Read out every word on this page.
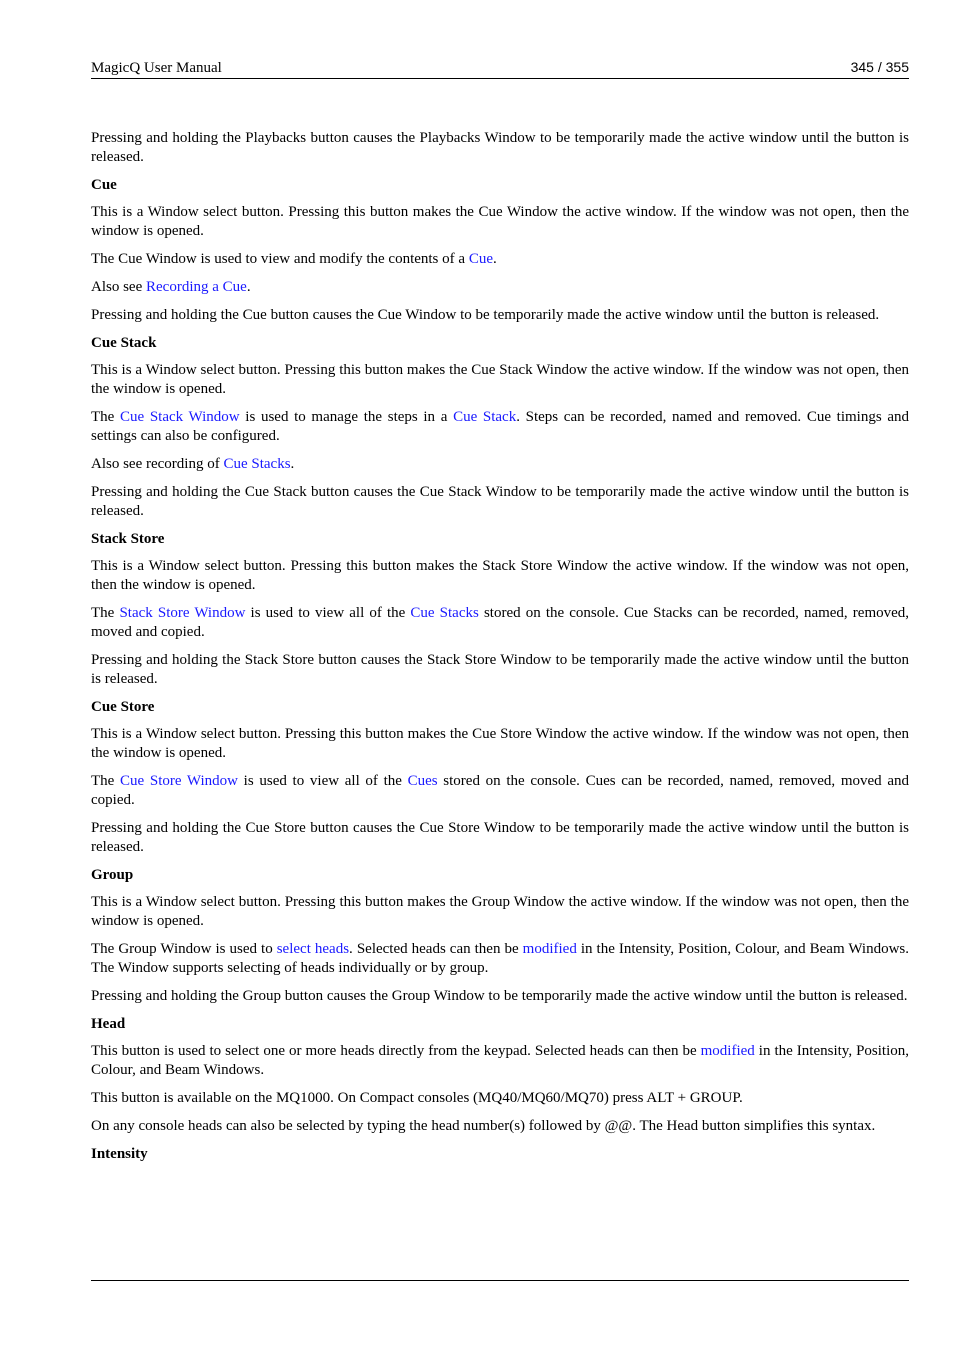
MagicQ User Manual	345 / 355

Pressing and holding the Playbacks button causes the Playbacks Window to be temporarily made the active window until the button is released.

Cue

This is a Window select button. Pressing this button makes the Cue Window the active window. If the window was not open, then the window is opened.

The Cue Window is used to view and modify the contents of a Cue.

Also see Recording a Cue.

Pressing and holding the Cue button causes the Cue Window to be temporarily made the active window until the button is released.

Cue Stack

This is a Window select button. Pressing this button makes the Cue Stack Window the active window. If the window was not open, then the window is opened.

The Cue Stack Window is used to manage the steps in a Cue Stack. Steps can be recorded, named and removed. Cue timings and settings can also be configured.

Also see recording of Cue Stacks.

Pressing and holding the Cue Stack button causes the Cue Stack Window to be temporarily made the active window until the button is released.

Stack Store

This is a Window select button. Pressing this button makes the Stack Store Window the active window. If the window was not open, then the window is opened.

The Stack Store Window is used to view all of the Cue Stacks stored on the console. Cue Stacks can be recorded, named, removed, moved and copied.

Pressing and holding the Stack Store button causes the Stack Store Window to be temporarily made the active window until the button is released.

Cue Store

This is a Window select button. Pressing this button makes the Cue Store Window the active window. If the window was not open, then the window is opened.

The Cue Store Window is used to view all of the Cues stored on the console. Cues can be recorded, named, removed, moved and copied.

Pressing and holding the Cue Store button causes the Cue Store Window to be temporarily made the active window until the button is released.

Group

This is a Window select button. Pressing this button makes the Group Window the active window. If the window was not open, then the window is opened.

The Group Window is used to select heads. Selected heads can then be modified in the Intensity, Position, Colour, and Beam Windows. The Window supports selecting of heads individually or by group.

Pressing and holding the Group button causes the Group Window to be temporarily made the active window until the button is released.

Head

This button is used to select one or more heads directly from the keypad. Selected heads can then be modified in the Intensity, Position, Colour, and Beam Windows.

This button is available on the MQ1000. On Compact consoles (MQ40/MQ60/MQ70) press ALT + GROUP.

On any console heads can also be selected by typing the head number(s) followed by @@. The Head button simplifies this syntax.

Intensity
